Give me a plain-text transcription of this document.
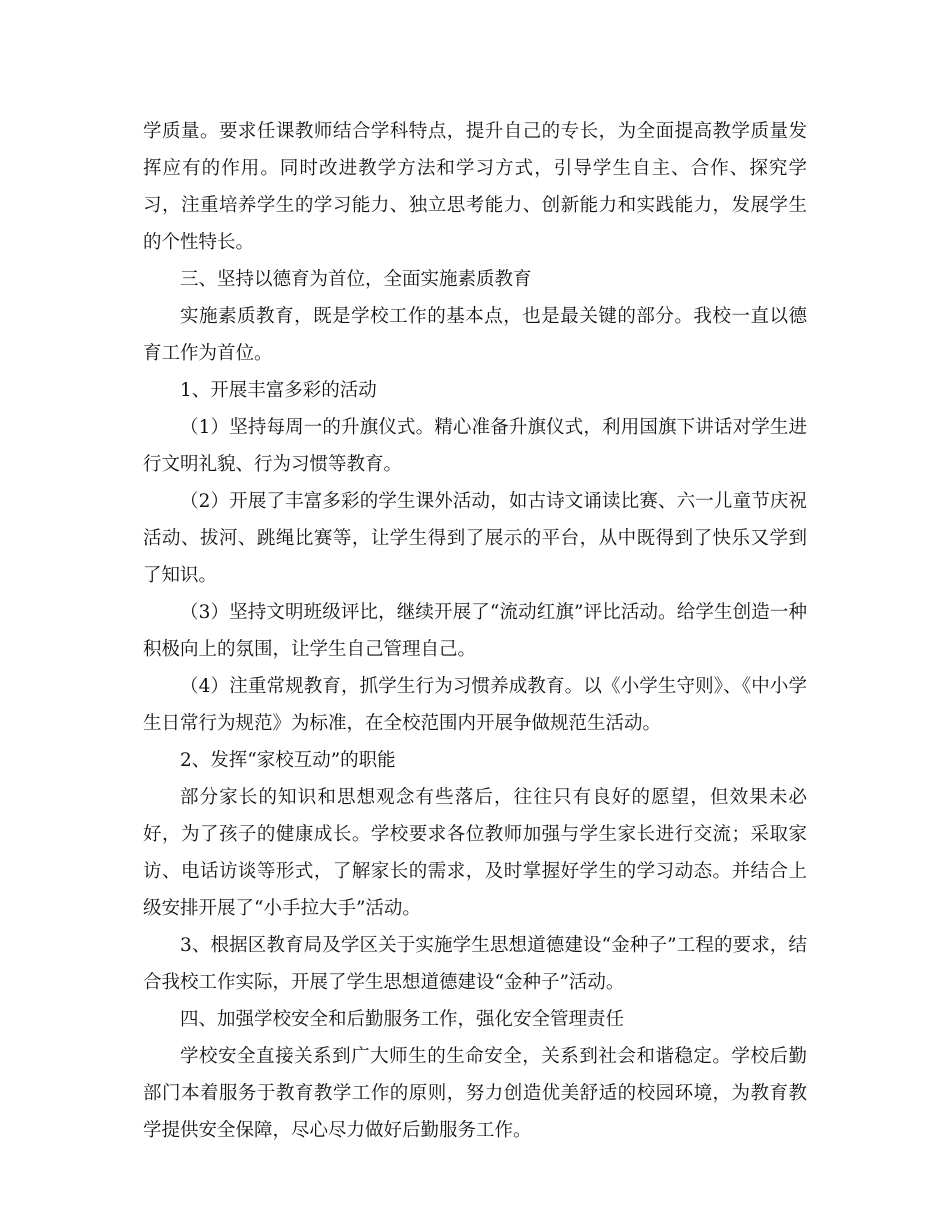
学质量。要求任课教师结合学科特点，提升自己的专长，为全面提高教学质量发挥应有的作用。同时改进教学方法和学习方式，引导学生自主、合作、探究学习，注重培养学生的学习能力、独立思考能力、创新能力和实践能力，发展学生的个性特长。

三、坚持以德育为首位，全面实施素质教育

实施素质教育，既是学校工作的基本点，也是最关键的部分。我校一直以德育工作为首位。

1、开展丰富多彩的活动

（1）坚持每周一的升旗仪式。精心准备升旗仪式，利用国旗下讲话对学生进行文明礼貌、行为习惯等教育。

（2）开展了丰富多彩的学生课外活动，如古诗文诵读比赛、六一儿童节庆祝活动、拔河、跳绳比赛等，让学生得到了展示的平台，从中既得到了快乐又学到了知识。

（3）坚持文明班级评比，继续开展了“流动红旗”评比活动。给学生创造一种积极向上的氛围，让学生自己管理自己。

（4）注重常规教育，抓学生行为习惯养成教育。以《小学生守则》、《中小学生日常行为规范》为标准，在全校范围内开展争做规范生活动。

2、发挥“家校互动”的职能

部分家长的知识和思想观念有些落后，往往只有良好的愿望，但效果未必好，为了孩子的健康成长。学校要求各位教师加强与学生家长进行交流；采取家访、电话访谈等形式，了解家长的需求，及时掌握好学生的学习动态。并结合上级安排开展了“小手拉大手”活动。

3、根据区教育局及学区关于实施学生思想道德建设“金种子”工程的要求，结合我校工作实际，开展了学生思想道德建设“金种子”活动。

四、加强学校安全和后勤服务工作，强化安全管理责任

学校安全直接关系到广大师生的生命安全，关系到社会和谐稳定。学校后勤部门本着服务于教育教学工作的原则，努力创造优美舒适的校园环境，为教育教学提供安全保障，尽心尽力做好后勤服务工作。
